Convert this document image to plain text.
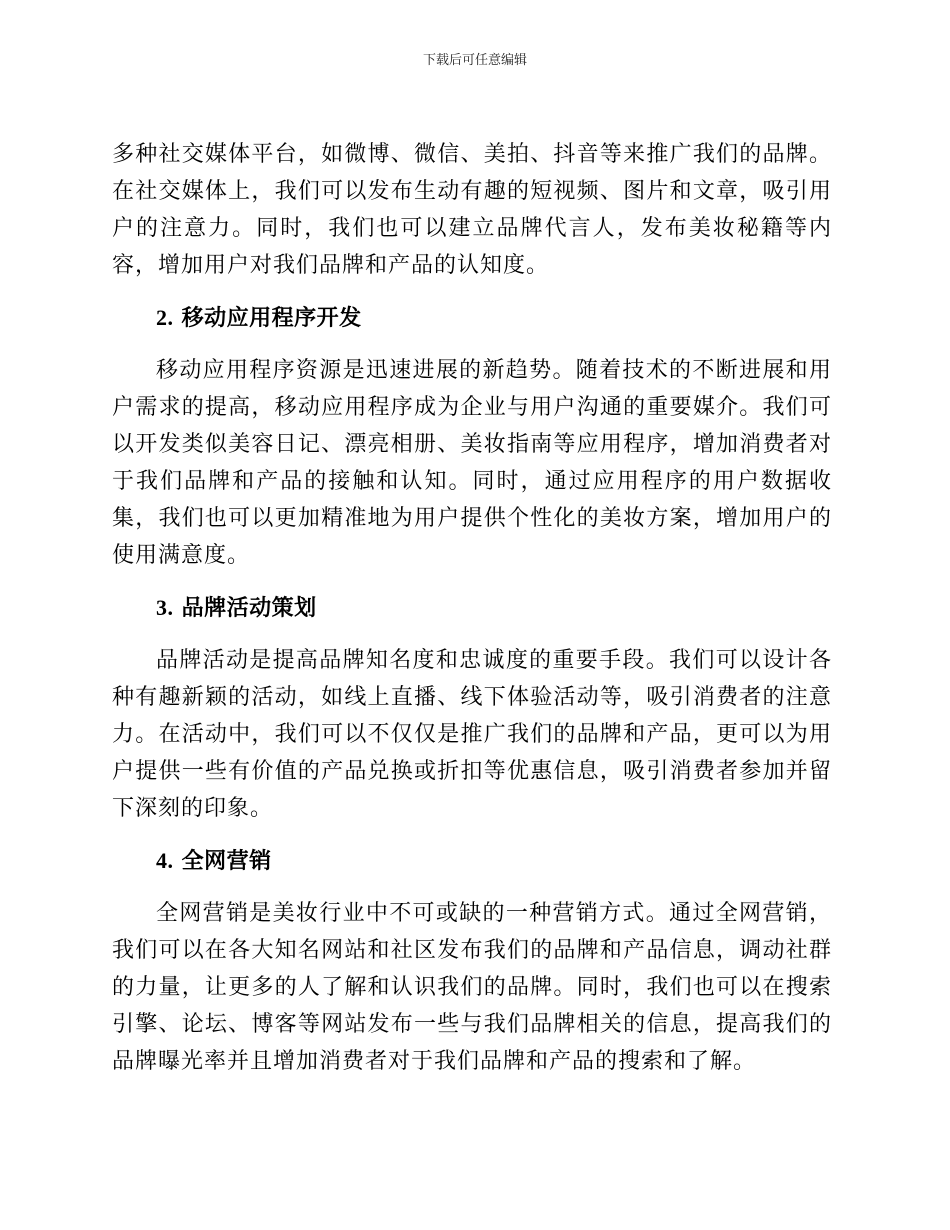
下载后可任意编辑

多种社交媒体平台，如微博、微信、美拍、抖音等来推广我们的品牌。在社交媒体上，我们可以发布生动有趣的短视频、图片和文章，吸引用户的注意力。同时，我们也可以建立品牌代言人，发布美妆秘籍等内容，增加用户对我们品牌和产品的认知度。

2. 移动应用程序开发

移动应用程序资源是迅速进展的新趋势。随着技术的不断进展和用户需求的提高，移动应用程序成为企业与用户沟通的重要媒介。我们可以开发类似美容日记、漂亮相册、美妆指南等应用程序，增加消费者对于我们品牌和产品的接触和认知。同时，通过应用程序的用户数据收集，我们也可以更加精准地为用户提供个性化的美妆方案，增加用户的使用满意度。

3. 品牌活动策划

品牌活动是提高品牌知名度和忠诚度的重要手段。我们可以设计各种有趣新颖的活动，如线上直播、线下体验活动等，吸引消费者的注意力。在活动中，我们可以不仅仅是推广我们的品牌和产品，更可以为用户提供一些有价值的产品兑换或折扣等优惠信息，吸引消费者参加并留下深刻的印象。

4. 全网营销

全网营销是美妆行业中不可或缺的一种营销方式。通过全网营销，我们可以在各大知名网站和社区发布我们的品牌和产品信息，调动社群的力量，让更多的人了解和认识我们的品牌。同时，我们也可以在搜索引擎、论坛、博客等网站发布一些与我们品牌相关的信息，提高我们的品牌曝光率并且增加消费者对于我们品牌和产品的搜索和了解。
